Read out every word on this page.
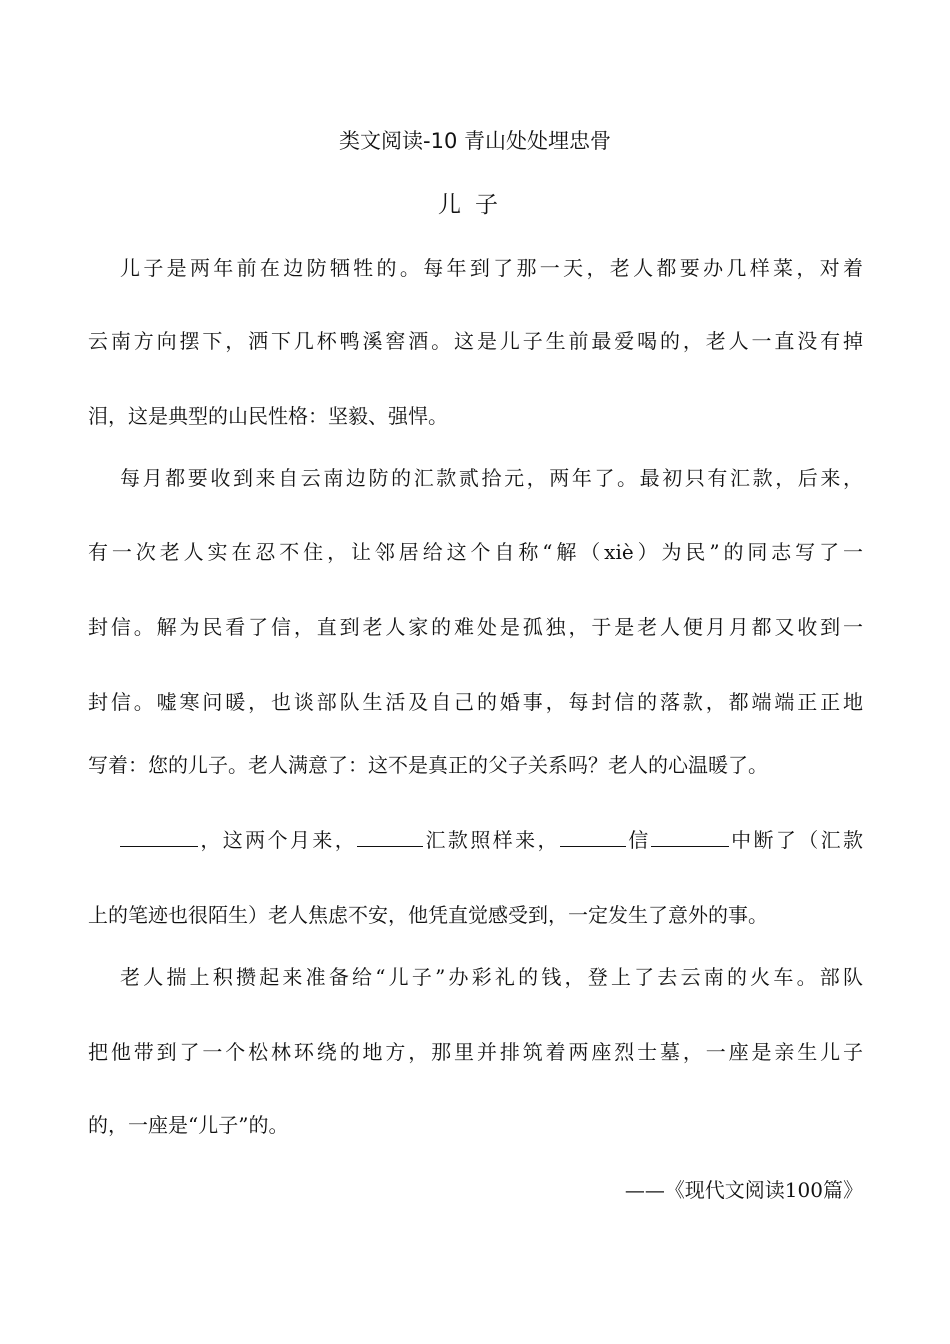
类文阅读-10 青山处处埋忠骨
儿子
儿子是两年前在边防牺牲的。每年到了那一天，老人都要办几样菜，对着
云南方向摆下，洒下几杯鸭溪窖酒。这是儿子生前最爱喝的，老人一直没有掉
泪，这是典型的山民性格：坚毅、强悍。
每月都要收到来自云南边防的汇款贰拾元，两年了。最初只有汇款，后来，
有一次老人实在忍不住，让邻居给这个自称“解（xiè）为民”的同志写了一
封信。解为民看了信，直到老人家的难处是孤独，于是老人便月月都又收到一
封信。嘘寒问暖，也谈部队生活及自己的婚事，每封信的落款，都端端正正地
写着：您的儿子。老人满意了：这不是真正的父子关系吗？老人的心温暖了。
，这两个月来，	汇款照样来，	信	中断了（汇款
上的笔迹也很陌生）老人焦虑不安，他凭直觉感受到，一定发生了意外的事。
老人揣上积攒起来准备给“儿子”办彩礼的钱，登上了去云南的火车。部队
把他带到了一个松林环绕的地方，那里并排筑着两座烈士墓，一座是亲生儿子
的，一座是“儿子”的。
——《现代文阅读100篇》
